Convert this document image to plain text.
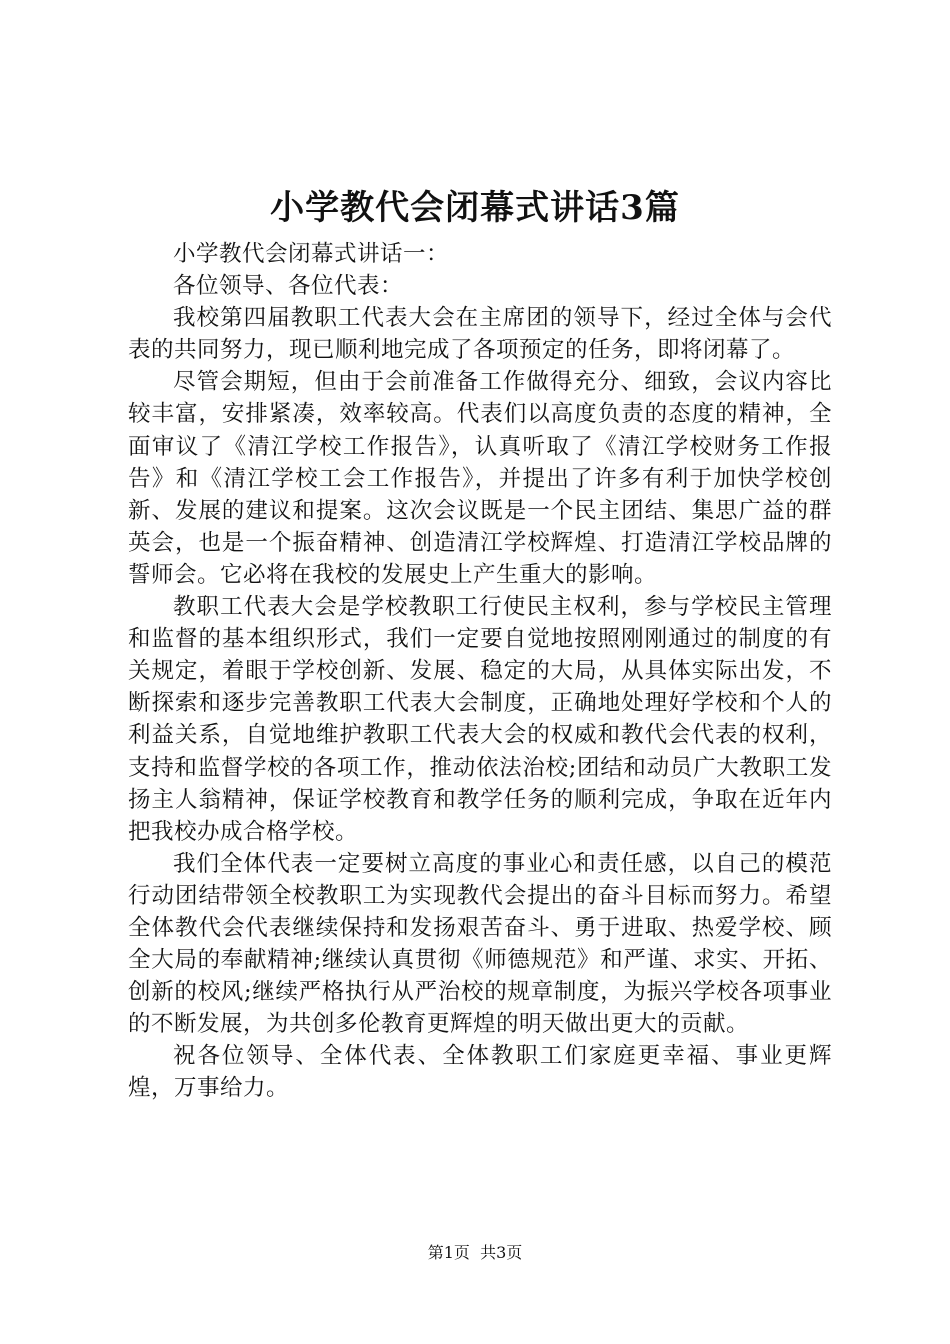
小学教代会闭幕式讲话3篇

小学教代会闭幕式讲话一：

各位领导、各位代表：

我校第四届教职工代表大会在主席团的领导下，经过全体与会代表的共同努力，现已顺利地完成了各项预定的任务，即将闭幕了。

尽管会期短，但由于会前准备工作做得充分、细致，会议内容比较丰富，安排紧凑，效率较高。代表们以高度负责的态度的精神，全面审议了《清江学校工作报告》，认真听取了《清江学校财务工作报告》和《清江学校工会工作报告》，并提出了许多有利于加快学校创新、发展的建议和提案。这次会议既是一个民主团结、集思广益的群英会，也是一个振奋精神、创造清江学校辉煌、打造清江学校品牌的誓师会。它必将在我校的发展史上产生重大的影响。

教职工代表大会是学校教职工行使民主权利，参与学校民主管理和监督的基本组织形式，我们一定要自觉地按照刚刚通过的制度的有关规定，着眼于学校创新、发展、稳定的大局，从具体实际出发，不断探索和逐步完善教职工代表大会制度，正确地处理好学校和个人的利益关系，自觉地维护教职工代表大会的权威和教代会代表的权利，支持和监督学校的各项工作，推动依法治校;团结和动员广大教职工发扬主人翁精神，保证学校教育和教学任务的顺利完成，争取在近年内把我校办成合格学校。

我们全体代表一定要树立高度的事业心和责任感，以自己的模范行动团结带领全校教职工为实现教代会提出的奋斗目标而努力。希望全体教代会代表继续保持和发扬艰苦奋斗、勇于进取、热爱学校、顾全大局的奉献精神;继续认真贯彻《师德规范》和严谨、求实、开拓、创新的校风;继续严格执行从严治校的规章制度，为振兴学校各项事业的不断发展，为共创多伦教育更辉煌的明天做出更大的贡献。

祝各位领导、全体代表、全体教职工们家庭更幸福、事业更辉煌，万事给力。

第1页 共3页
